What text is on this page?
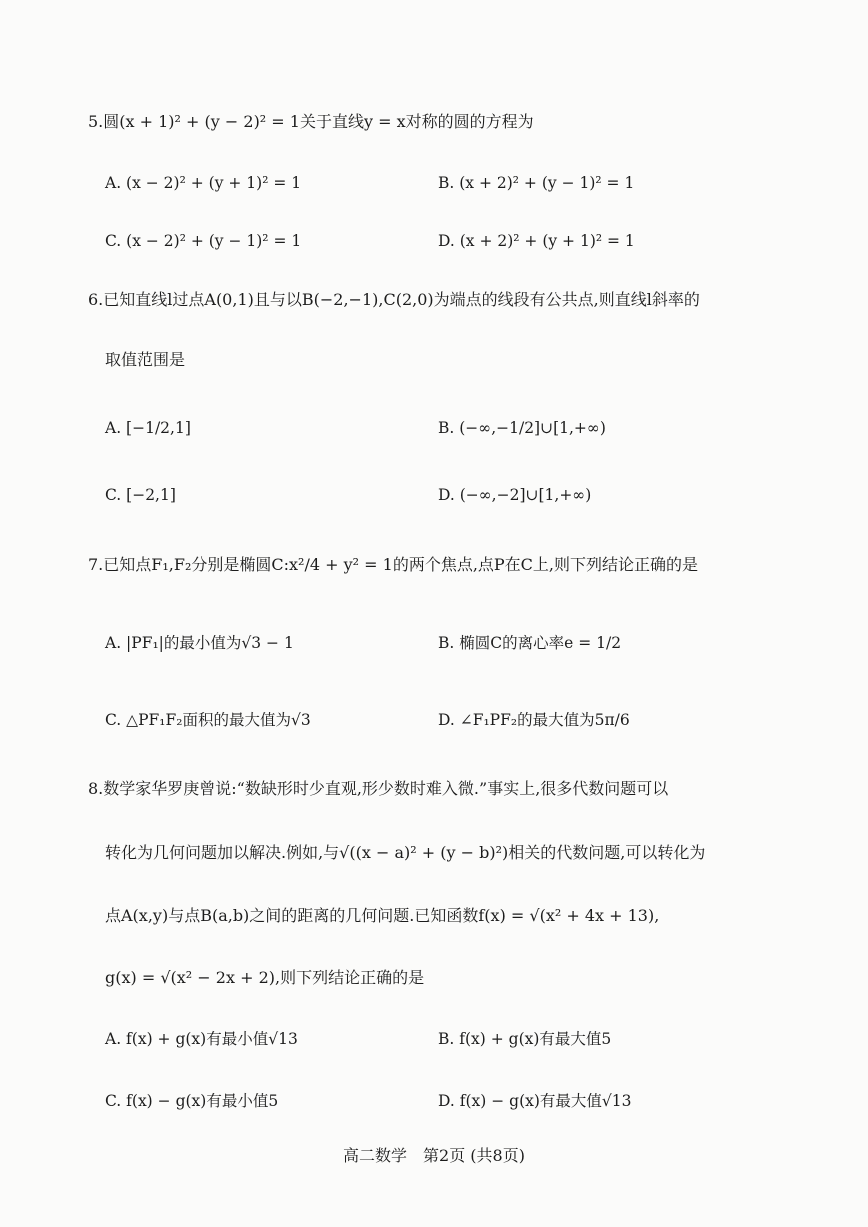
5.圆(x + 1)² + (y − 2)² = 1关于直线y = x对称的圆的方程为
A. (x − 2)² + (y + 1)² = 1	B. (x + 2)² + (y − 1)² = 1
C. (x − 2)² + (y − 1)² = 1	D. (x + 2)² + (y + 1)² = 1
6.已知直线l过点A(0,1)且与以B(−2,−1),C(2,0)为端点的线段有公共点,则直线l斜率的
取值范围是
A. [−1/2,1]	B. (−∞,−1/2]∪[1,+∞)
C. [−2,1]	D. (−∞,−2]∪[1,+∞)
7.已知点F₁,F₂分别是椭圆C:x²/4 + y² = 1的两个焦点,点P在C上,则下列结论正确的是
A. |PF₁|的最小值为√3 − 1	B. 椭圆C的离心率e = 1/2
C. △PF₁F₂面积的最大值为√3	D. ∠F₁PF₂的最大值为5π/6
8.数学家华罗庚曾说:“数缺形时少直观,形少数时难入微.”事实上,很多代数问题可以
转化为几何问题加以解决.例如,与√((x − a)² + (y − b)²)相关的代数问题,可以转化为
点A(x,y)与点B(a,b)之间的距离的几何问题.已知函数f(x) = √(x² + 4x + 13),
g(x) = √(x² − 2x + 2),则下列结论正确的是
A. f(x) + g(x)有最小值√13	B. f(x) + g(x)有最大值5
C. f(x) − g(x)有最小值5	D. f(x) − g(x)有最大值√13
高二数学　第2页 (共8页)
